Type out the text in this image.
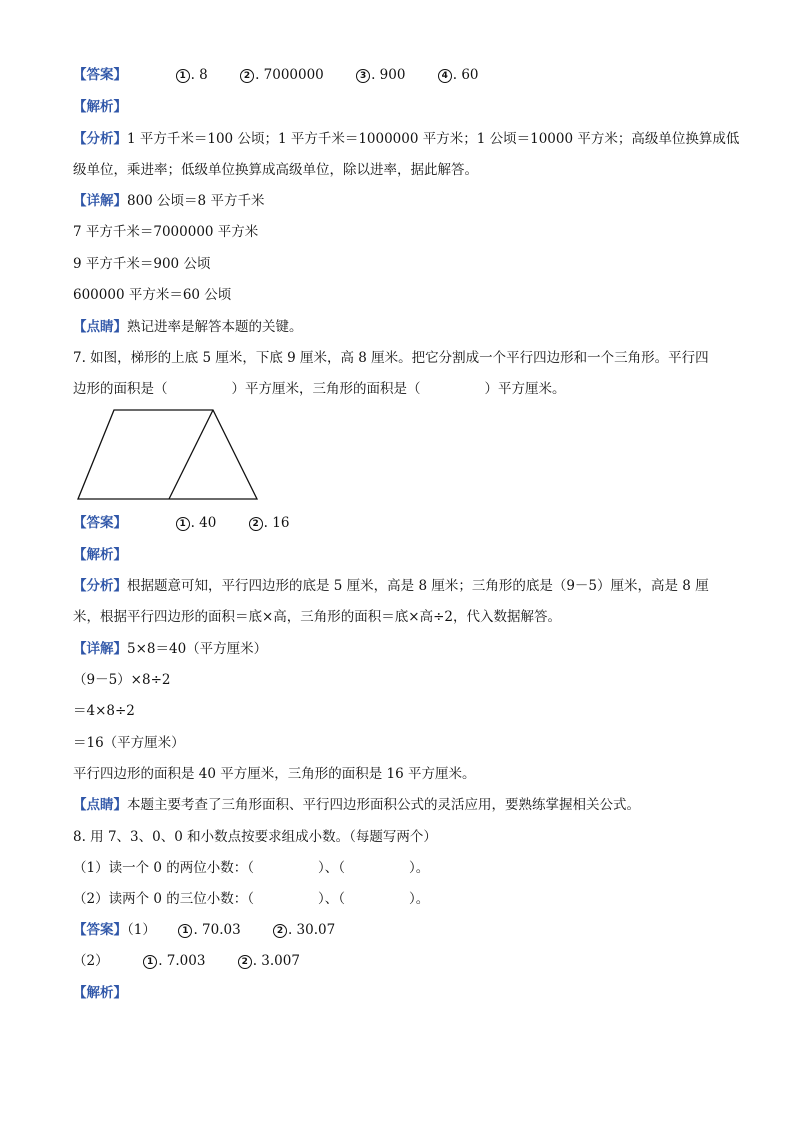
【答案】	1 . 8	2 . 7000000	3 . 900	4 . 60
【解析】
【分析】1 平方千米＝100 公顷；1 平方千米＝1000000 平方米；1 公顷＝10000 平方米；高级单位换算成低
级单位，乘进率；低级单位换算成高级单位，除以进率，据此解答。
【详解】800 公顷＝8 平方千米
7 平方千米＝7000000 平方米
9 平方千米＝900 公顷
600000 平方米＝60 公顷
【点睛】熟记进率是解答本题的关键。
7. 如图，梯形的上底 5 厘米，下底 9 厘米，高 8 厘米。把它分割成一个平行四边形和一个三角形。平行四
边形的面积是（	）平方厘米，三角形的面积是（	）平方厘米。
【答案】	1 . 40	2 . 16
【解析】
【分析】根据题意可知，平行四边形的底是 5 厘米，高是 8 厘米；三角形的底是（9－5）厘米，高是 8 厘
米，根据平行四边形的面积＝底×高，三角形的面积＝底×高÷2，代入数据解答。
【详解】5×8＝40（平方厘米）
（9－5）×8÷2
＝4×8÷2
＝16（平方厘米）
平行四边形的面积是 40 平方厘米，三角形的面积是 16 平方厘米。
【点睛】本题主要考查了三角形面积、平行四边形面积公式的灵活应用，要熟练掌握相关公式。
8. 用 7、3、0、0 和小数点按要求组成小数。（每题写两个）
（1）读一个 0 的两位小数：（	）、（	）。
（2）读两个 0 的三位小数：（	）、（	）。
【答案】（1）	1 . 70.03	2 . 30.07
（2）	1 . 7.003	2 . 3.007
【解析】
